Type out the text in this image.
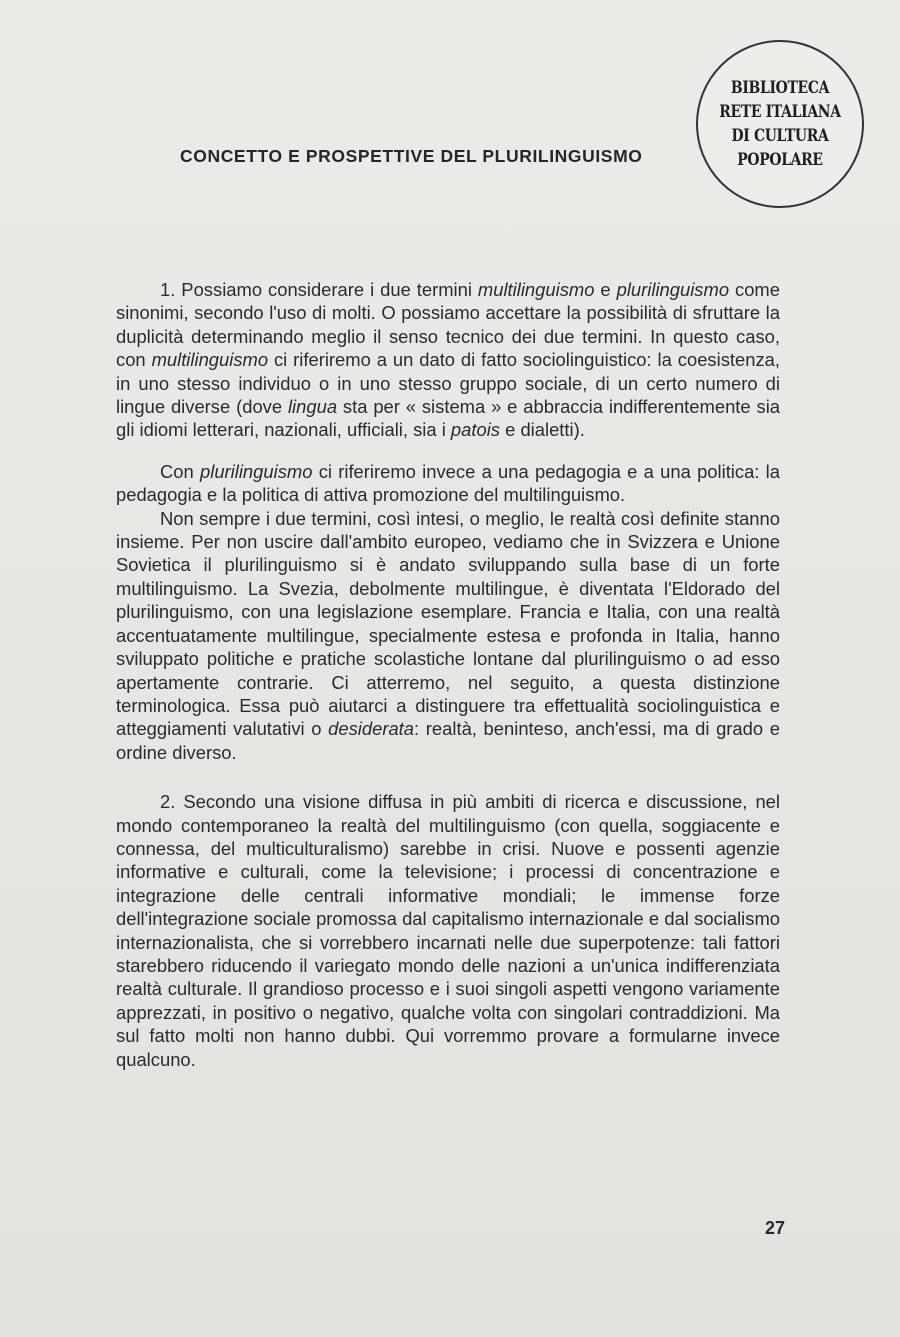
CONCETTO E PROSPETTIVE DEL PLURILINGUISMO
BIBLIOTECA
RETE ITALIANA
DI CULTURA
POPOLARE

1. Possiamo considerare i due termini multilinguismo e plurilinguismo come sinonimi, secondo l'uso di molti. O possiamo accettare la possibilità di sfruttare la duplicità determinando meglio il senso tecnico dei due termini. In questo caso, con multilinguismo ci riferiremo a un dato di fatto sociolinguistico: la coesistenza, in uno stesso individuo o in uno stesso gruppo sociale, di un certo numero di lingue diverse (dove lingua sta per « sistema » e abbraccia indifferentemente sia gli idiomi letterari, nazionali, ufficiali, sia i patois e dialetti).

Con plurilinguismo ci riferiremo invece a una pedagogia e a una politica: la pedagogia e la politica di attiva promozione del multilinguismo.

Non sempre i due termini, così intesi, o meglio, le realtà così definite stanno insieme. Per non uscire dall'ambito europeo, vediamo che in Svizzera e Unione Sovietica il plurilinguismo si è andato sviluppando sulla base di un forte multilinguismo. La Svezia, debolmente multilingue, è diventata l'Eldorado del plurilinguismo, con una legislazione esemplare. Francia e Italia, con una realtà accentuatamente multilingue, specialmente estesa e profonda in Italia, hanno sviluppato politiche e pratiche scolastiche lontane dal plurilinguismo o ad esso apertamente contrarie. Ci atterremo, nel seguito, a questa distinzione terminologica. Essa può aiutarci a distinguere tra effettualità sociolinguistica e atteggiamenti valutativi o desiderata: realtà, beninteso, anch'essi, ma di grado e ordine diverso.

2. Secondo una visione diffusa in più ambiti di ricerca e discussione, nel mondo contemporaneo la realtà del multilinguismo (con quella, soggiacente e connessa, del multiculturalismo) sarebbe in crisi. Nuove e possenti agenzie informative e culturali, come la televisione; i processi di concentrazione e integrazione delle centrali informative mondiali; le immense forze dell'integrazione sociale promossa dal capitalismo internazionale e dal socialismo internazionalista, che si vorrebbero incarnati nelle due superpotenze: tali fattori starebbero riducendo il variegato mondo delle nazioni a un'unica indifferenziata realtà culturale. Il grandioso processo e i suoi singoli aspetti vengono variamente apprezzati, in positivo o negativo, qualche volta con singolari contraddizioni. Ma sul fatto molti non hanno dubbi. Qui vorremmo provare a formularne invece qualcuno.

27
